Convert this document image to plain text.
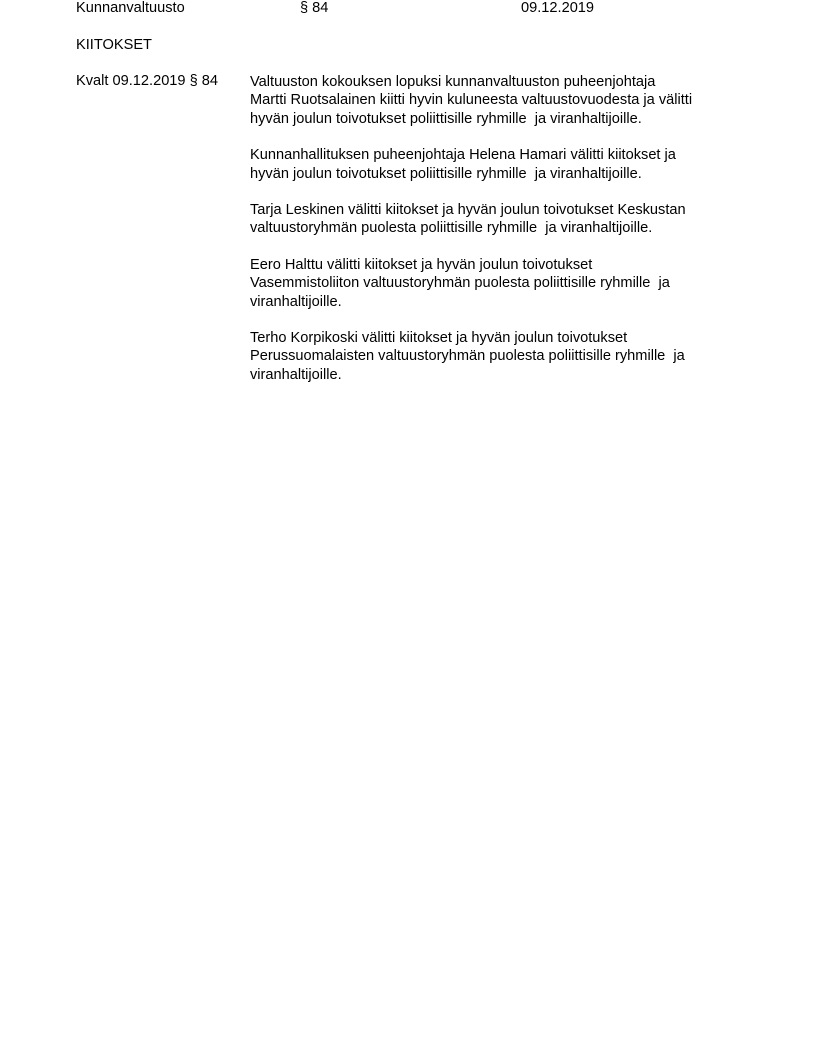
Kunnanvaltuusto	§ 84	09.12.2019
KIITOKSET
Kvalt 09.12.2019 § 84 Valtuuston kokouksen lopuksi kunnanvaltuuston puheenjohtaja
Martti Ruotsalainen kiitti hyvin kuluneesta valtuustovuodesta ja välitti
hyvän joulun toivotukset poliittisille ryhmille  ja viranhaltijoille.

Kunnanhallituksen puheenjohtaja Helena Hamari välitti kiitokset ja
hyvän joulun toivotukset poliittisille ryhmille  ja viranhaltijoille.

Tarja Leskinen välitti kiitokset ja hyvän joulun toivotukset Keskustan
valtuustoryhmän puolesta poliittisille ryhmille  ja viranhaltijoille.

Eero Halttu välitti kiitokset ja hyvän joulun toivotukset
Vasemmistoliiton valtuustoryhmän puolesta poliittisille ryhmille  ja
viranhaltijoille.

Terho Korpikoski välitti kiitokset ja hyvän joulun toivotukset
Perussuomalaisten valtuustoryhmän puolesta poliittisille ryhmille  ja
viranhaltijoille.
